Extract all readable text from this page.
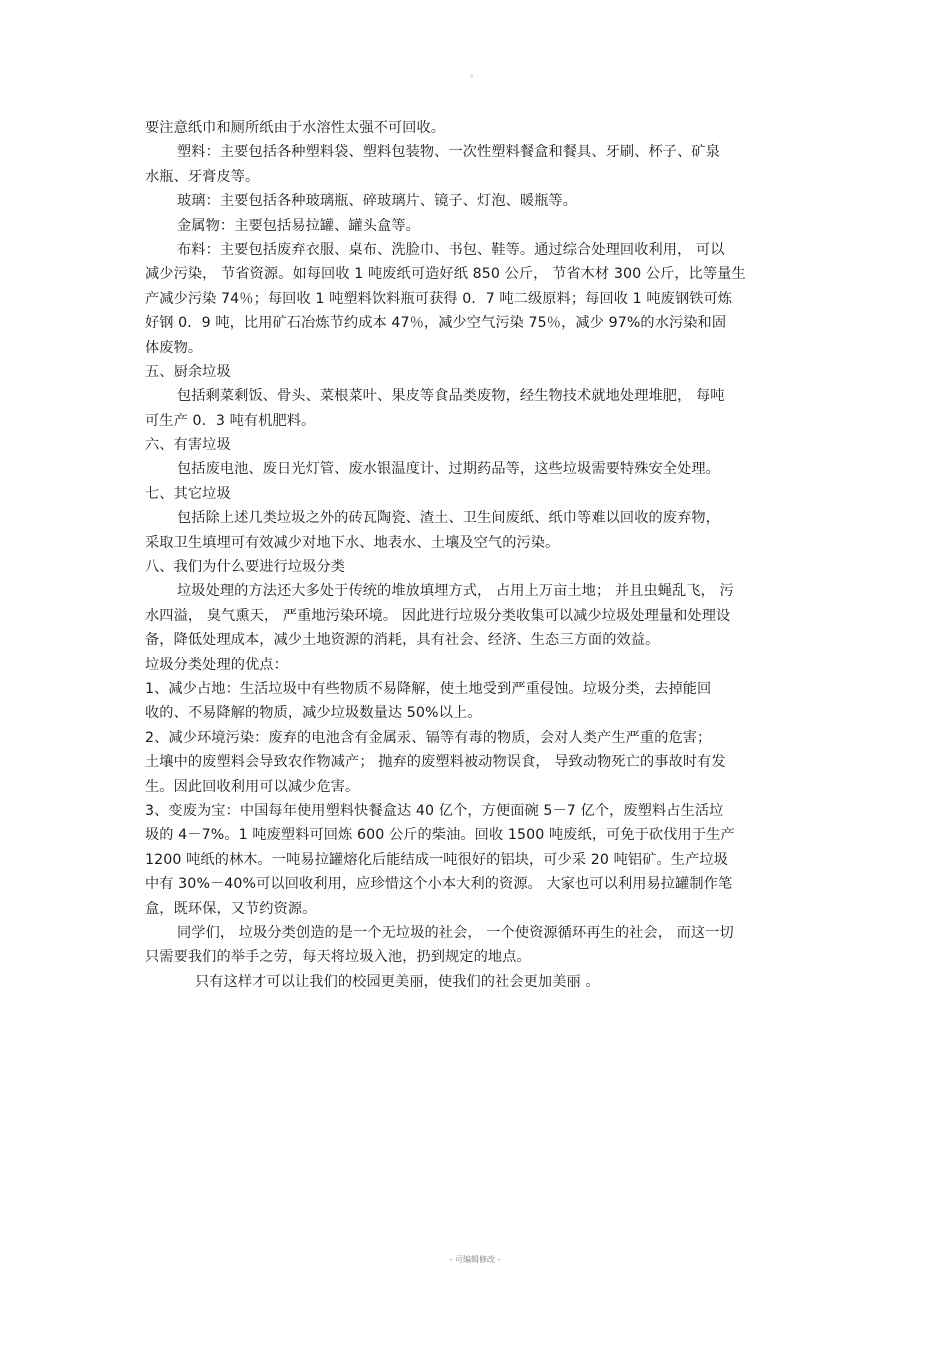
。
要注意纸巾和厕所纸由于水溶性太强不可回收。
塑料：主要包括各种塑料袋、塑料包装物、一次性塑料餐盒和餐具、牙刷、杯子、矿泉
水瓶、牙膏皮等。
玻璃：主要包括各种玻璃瓶、碎玻璃片、镜子、灯泡、暖瓶等。
金属物：主要包括易拉罐、罐头盒等。
布料：主要包括废弃衣服、桌布、洗脸巾、书包、鞋等。通过综合处理回收利用， 可以
减少污染， 节省资源。如每回收 1 吨废纸可造好纸 850 公斤， 节省木材 300 公斤，比等量生
产减少污染 74％；每回收 1 吨塑料饮料瓶可获得 0．7 吨二级原料；每回收 1 吨废钢铁可炼
好钢 0．9 吨，比用矿石冶炼节约成本 47％，减少空气污染 75％，减少 97%的水污染和固
体废物。
五、厨余垃圾
包括剩菜剩饭、骨头、菜根菜叶、果皮等食品类废物，经生物技术就地处理堆肥， 每吨
可生产 0．3 吨有机肥料。
六、有害垃圾
包括废电池、废日光灯管、废水银温度计、过期药品等，这些垃圾需要特殊安全处理。
七、其它垃圾
包括除上述几类垃圾之外的砖瓦陶瓷、渣土、卫生间废纸、纸巾等难以回收的废弃物，
采取卫生填埋可有效减少对地下水、地表水、土壤及空气的污染。
八、我们为什么要进行垃圾分类
垃圾处理的方法还大多处于传统的堆放填埋方式， 占用上万亩土地； 并且虫蝇乱飞， 污
水四溢， 臭气熏天， 严重地污染环境。 因此进行垃圾分类收集可以减少垃圾处理量和处理设
备，降低处理成本，减少土地资源的消耗，具有社会、经济、生态三方面的效益。
垃圾分类处理的优点：
1、减少占地：生活垃圾中有些物质不易降解，使土地受到严重侵蚀。垃圾分类，去掉能回
收的、不易降解的物质，减少垃圾数量达 50%以上。
2、减少环境污染：废弃的电池含有金属汞、镉等有毒的物质，会对人类产生严重的危害；
土壤中的废塑料会导致农作物减产； 抛弃的废塑料被动物误食， 导致动物死亡的事故时有发
生。因此回收利用可以减少危害。
3、变废为宝：中国每年使用塑料快餐盒达 40 亿个，方便面碗 5－7 亿个，废塑料占生活垃
圾的 4－7%。1 吨废塑料可回炼 600 公斤的柴油。回收 1500 吨废纸，可免于砍伐用于生产
1200 吨纸的林木。一吨易拉罐熔化后能结成一吨很好的铝块，可少采 20 吨铝矿。生产垃圾
中有 30%－40%可以回收利用，应珍惜这个小本大利的资源。 大家也可以利用易拉罐制作笔
盒，既环保，又节约资源。
同学们， 垃圾分类创造的是一个无垃圾的社会， 一个使资源循环再生的社会， 而这一切
只需要我们的举手之劳，每天将垃圾入池，扔到规定的地点。
只有这样才可以让我们的校园更美丽，使我们的社会更加美丽 。
- 可编辑修改 -
